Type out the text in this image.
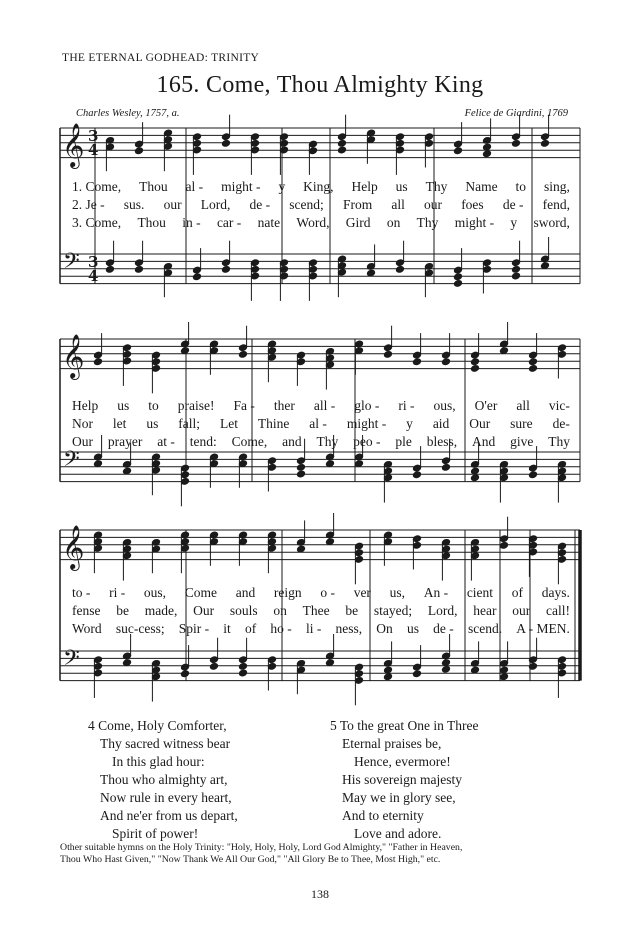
THE ETERNAL GODHEAD: TRINITY
165. Come, Thou Almighty King
Charles Wesley, 1757, a.	Felice de Giardini, 1769
𝄞
𝄢
𝄞
𝄢
𝄞
𝄢
3
3
4
4
1. Come, Thou al - might - y King, Help us Thy Name to sing,
2. Je - sus. our Lord, de - scend; From all our foes de - fend,
3. Come, Thou in - car - nate Word, Gird on Thy might - y sword,
Help us to praise! Fa - ther all - glo - ri - ous, O'er all vic-
Nor let us fall; Let Thine al - might - y aid Our sure de-
Our prayer at - tend: Come, and Thy peo - ple bless, And give Thy
to - ri - ous, Come and reign o - ver us, An - cient of days.
fense be made, Our souls on Thee be stayed; Lord, hear our call!
Word suc-cess; Spir - it of ho - li - ness, On us de - scend. A - MEN.
4 Come, Holy Comforter,
Thy sacred witness bear
In this glad hour:
Thou who almighty art,
Now rule in every heart,
And ne'er from us depart,
Spirit of power!
5 To the great One in Three
Eternal praises be,
Hence, evermore!
His sovereign majesty
May we in glory see,
And to eternity
Love and adore.
Other suitable hymns on the Holy Trinity: "Holy, Holy, Holy, Lord God Almighty," "Father in Heaven,
Thou Who Hast Given," "Now Thank We All Our God," "All Glory Be to Thee, Most High," etc.
138
